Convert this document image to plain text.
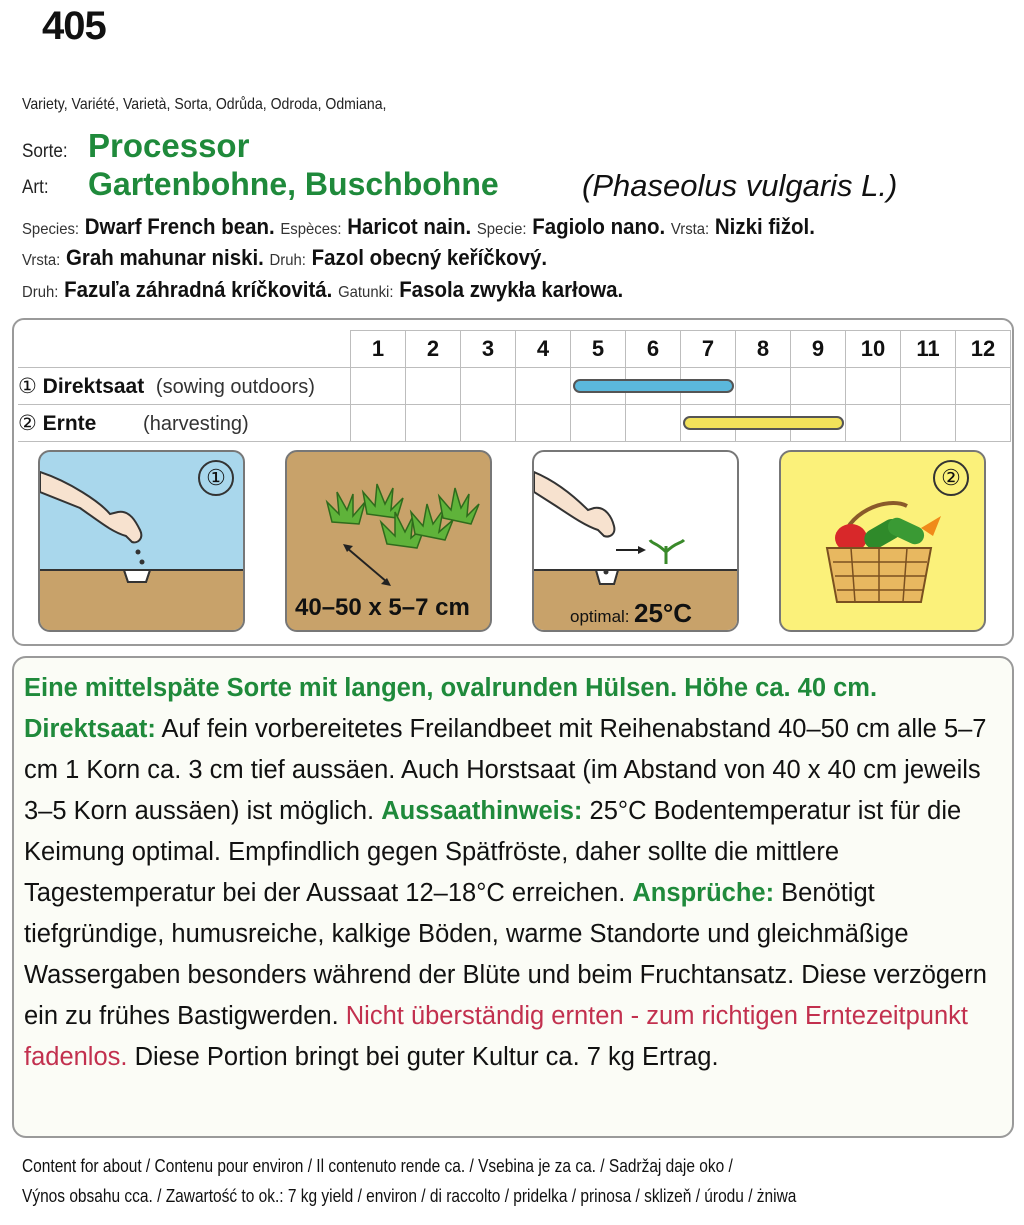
405
Variety, Variété, Varietà, Sorta, Odrůda, Odroda, Odmiana,
Sorte: Processor
Art: Gartenbohne, Buschbohne	(Phaseolus vulgaris L.)
Species: Dwarf French bean. Espèces: Haricot nain. Specie: Fagiolo nano. Vrsta: Nizki fižol.
Vrsta: Grah mahunar niski. Druh: Fazol obecný keříčkový.
Druh: Fazuľa záhradná kríčkovitá. Gatunki: Fasola zwykła karłowa.
	1	2	3	4	5	6	7	8	9	10	11	12
① Direktsaat (sowing outdoors)												
② Ernte (harvesting)												
①
40–50 x 5–7 cm	optimal: 25°C
②

Eine mittelspäte Sorte mit langen, ovalrunden Hülsen. Höhe ca. 40 cm.

Direktsaat: Auf fein vorbereitetes Freilandbeet mit Reihenabstand 40–50 cm alle 5–7 cm 1 Korn ca. 3 cm tief aussäen. Auch Horstsaat (im Abstand von 40 x 40 cm jeweils 3–5 Korn aussäen) ist möglich. Aussaathinweis: 25°C Bodentemperatur ist für die Keimung optimal. Empfindlich gegen Spätfröste, daher sollte die mittlere Tagestemperatur bei der Aussaat 12–18°C erreichen. Ansprüche: Benötigt tiefgründige, humusreiche, kalkige Böden, warme Standorte und gleichmäßige Wassergaben besonders während der Blüte und beim Fruchtansatz. Diese verzögern ein zu frühes Bastigwerden. Nicht überständig ernten - zum richtigen Erntezeitpunkt fadenlos. Diese Portion bringt bei guter Kultur ca. 7 kg Ertrag.

Content for about / Contenu pour environ / Il contenuto rende ca. / Vsebina je za ca. / Sadržaj daje oko /
Výnos obsahu cca. / Zawartość to ok.: 7 kg yield / environ / di raccolto / pridelka / prinosa / sklizeň / úrodu / żniwa
